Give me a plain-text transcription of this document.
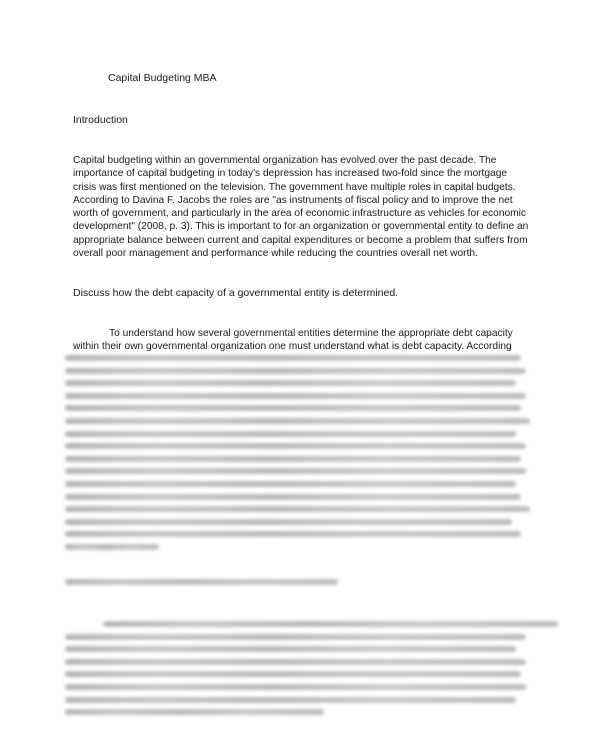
Capital Budgeting MBA
Introduction
Capital budgeting within an governmental organization has evolved over the past decade. The importance of capital budgeting in today's depression has increased two-fold since the mortgage crisis was first mentioned on the television. The government have multiple roles in capital budgets. According to Davina F. Jacobs the roles are "as instruments of fiscal policy and to improve the net worth of government, and particularly in the area of economic infrastructure as vehicles for economic development" (2008, p. 3). This is important to for an organization or governmental entity to define an appropriate balance between current and capital expenditures or become a problem that suffers from overall poor management and performance while reducing the countries overall net worth.
Discuss how the debt capacity of a governmental entity is determined.
To understand how several governmental entities determine the appropriate debt capacity within their own governmental organization one must understand what is debt capacity. According
